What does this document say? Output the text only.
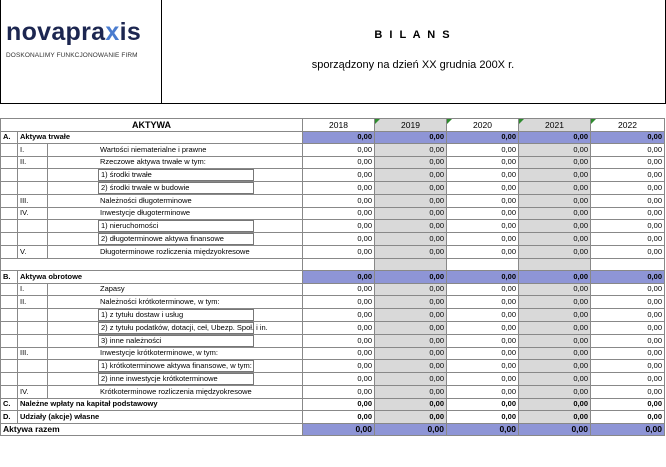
novapraxis
DOSKONALIMY FUNKCJONOWANIE FIRM
B I L A N S
sporządzony na dzień XX grudnia 200X r.
AKTYWA			2018	2019	2020	2021	2022
A.	Aktywa trwałe		0,00	0,00	0,00	0,00	0,00
	I.	Wartości niematerialne i prawne	0,00	0,00	0,00	0,00	0,00
	II.	Rzeczowe aktywa trwałe w tym:	0,00	0,00	0,00	0,00	0,00
		1) środki trwałe	0,00	0,00	0,00	0,00	0,00
		2) środki trwałe w budowie	0,00	0,00	0,00	0,00	0,00
	III.	Należności długoterminowe	0,00	0,00	0,00	0,00	0,00
	IV.	Inwestycje długoterminowe	0,00	0,00	0,00	0,00	0,00
		1) nieruchomości	0,00	0,00	0,00	0,00	0,00
		2) długoterminowe aktywa finansowe	0,00	0,00	0,00	0,00	0,00
	V.	Długoterminowe rozliczenia międzyokresowe	0,00	0,00	0,00	0,00	0,00

B.	Aktywa obrotowe		0,00	0,00	0,00	0,00	0,00
	I.	Zapasy	0,00	0,00	0,00	0,00	0,00
	II.	Należności krótkoterminowe, w tym:	0,00	0,00	0,00	0,00	0,00
		1) z tytułu dostaw i usług	0,00	0,00	0,00	0,00	0,00
		2) z tytułu podatków, dotacji, ceł, Ubezp. Społ. i in.	0,00	0,00	0,00	0,00	0,00
		3) inne należności	0,00	0,00	0,00	0,00	0,00
	III.	Inwestycje krótkoterminowe, w tym:	0,00	0,00	0,00	0,00	0,00
		1) krótkoterminowe aktywa finansowe, w tym:	0,00	0,00	0,00	0,00	0,00
		2) inne inwestycje krótkoterminowe	0,00	0,00	0,00	0,00	0,00
	IV.	Krótkoterminowe rozliczenia międzyokresowe	0,00	0,00	0,00	0,00	0,00
C.	Należne wpłaty na kapitał podstawowy		0,00	0,00	0,00	0,00	0,00
D.	Udziały (akcje) własne		0,00	0,00	0,00	0,00	0,00
Aktywa razem			0,00	0,00	0,00	0,00	0,00
